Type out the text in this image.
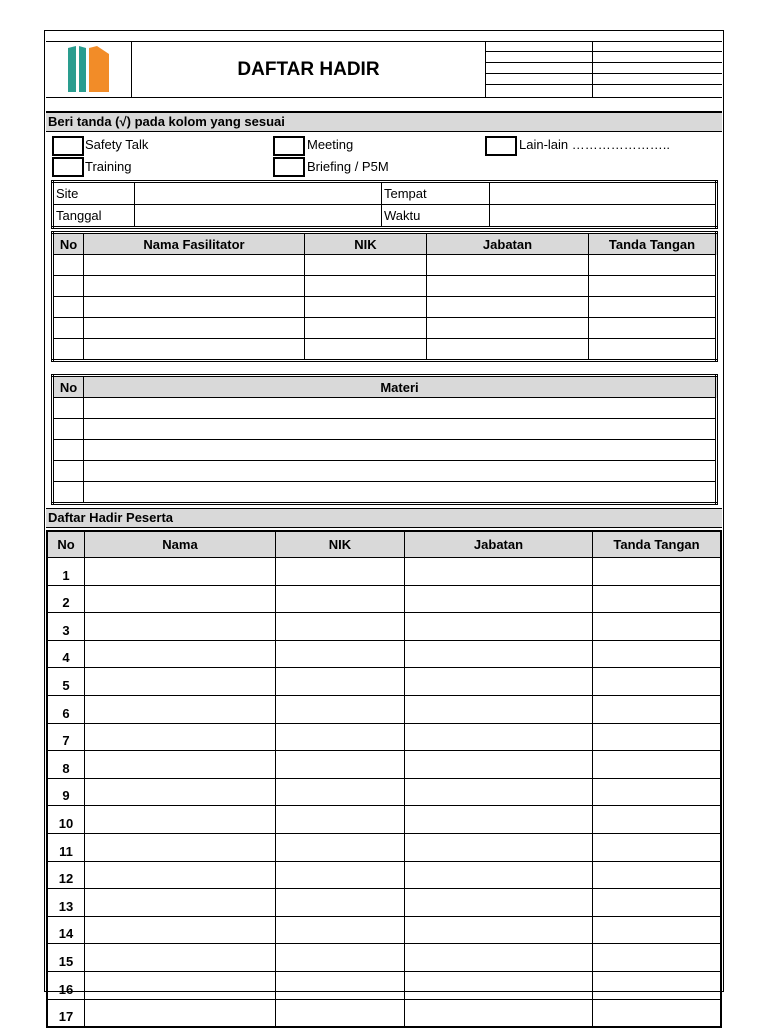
DAFTAR HADIR
Beri tanda (√) pada kolom yang sesuai
Safety Talk	Meeting	Lain-lain …………………..
Training	Briefing / P5M
Site		Tempat	
Tanggal		Waktu	
No	Nama Fasilitator	NIK	Jabatan	Tanda Tangan

No	Materi

Daftar Hadir Peserta
No	Nama	NIK	Jabatan	Tanda Tangan
1				
2				
3				
4				
5				
6				
7				
8				
9				
10				
11				
12				
13				
14				
15				
16				
17				
